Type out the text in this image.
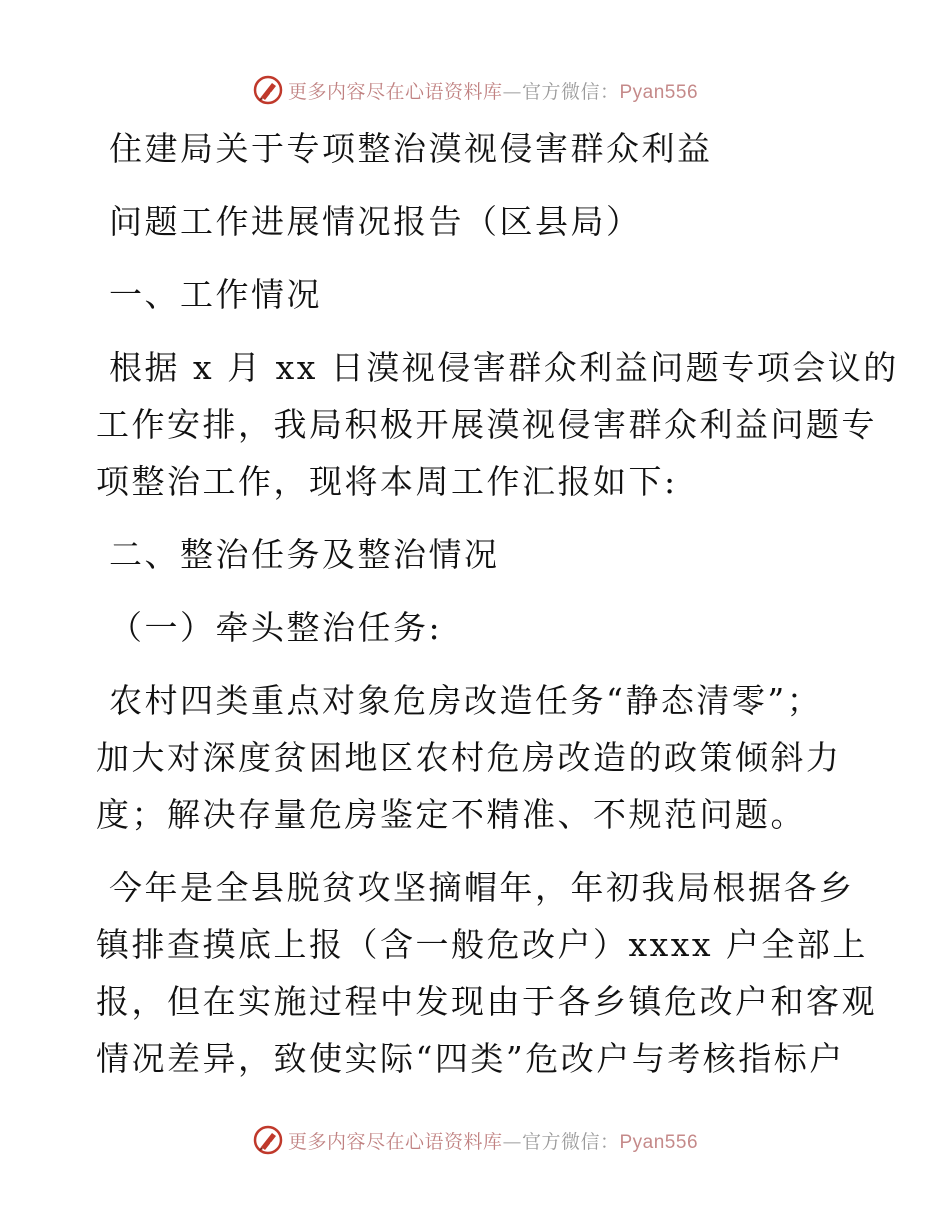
更多内容尽在心语资料库—官方微信：Pyan556

住建局关于专项整治漠视侵害群众利益

问题工作进展情况报告（区县局）

一、工作情况

根据 x 月 xx 日漠视侵害群众利益问题专项会议的

工作安排，我局积极开展漠视侵害群众利益问题专

项整治工作，现将本周工作汇报如下:

二、整治任务及整治情况

（一）牵头整治任务:

农村四类重点对象危房改造任务“静态清零”；

加大对深度贫困地区农村危房改造的政策倾斜力

度；解决存量危房鉴定不精准、不规范问题。

今年是全县脱贫攻坚摘帽年，年初我局根据各乡

镇排查摸底上报（含一般危改户）xxxx 户全部上

报，但在实施过程中发现由于各乡镇危改户和客观

情况差异，致使实际“四类”危改户与考核指标户

更多内容尽在心语资料库—官方微信：Pyan556
